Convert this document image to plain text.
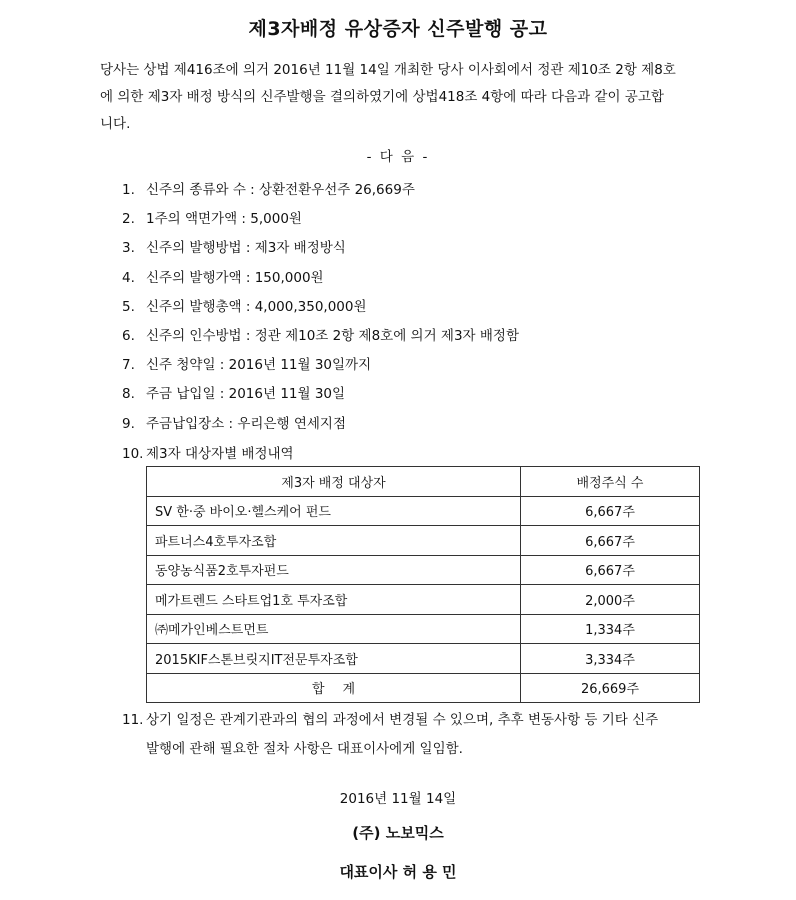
제3자배정 유상증자 신주발행 공고

당사는 상법 제416조에 의거 2016년 11월 14일 개최한 당사 이사회에서 정관 제10조 2항 제8호

에 의한 제3자 배정 방식의 신주발행을 결의하였기에 상법418조 4항에 따라 다음과 같이 공고합

니다.

- 다 음 -
1. 신주의 종류와 수 : 상환전환우선주 26,669주
2. 1주의 액면가액 : 5,000원
3. 신주의 발행방법 : 제3자 배정방식
4. 신주의 발행가액 : 150,000원
5. 신주의 발행총액 : 4,000,350,000원
6. 신주의 인수방법 : 정관 제10조 2항 제8호에 의거 제3자 배정함
7. 신주 청약일 : 2016년 11월 30일까지
8. 주금 납입일 : 2016년 11월 30일
9. 주금납입장소 : 우리은행 연세지점
10. 제3자 대상자별 배정내역
제3자 배정 대상자	배정주식 수
SV 한·중 바이오·헬스케어 펀드	6,667주
파트너스4호투자조합	6,667주
동양농식품2호투자펀드	6,667주
메가트렌드 스타트업1호 투자조합	2,000주
㈜메가인베스트먼트	1,334주
2015KIF스톤브릿지IT전문투자조합	3,334주
합계	26,669주
11. 상기 일정은 관계기관과의 협의 과정에서 변경될 수 있으며, 추후 변동사항 등 기타 신주
발행에 관해 필요한 절차 사항은 대표이사에게 일임함.
2016년 11월 14일
(주) 노보믹스
대표이사 허 용 민
